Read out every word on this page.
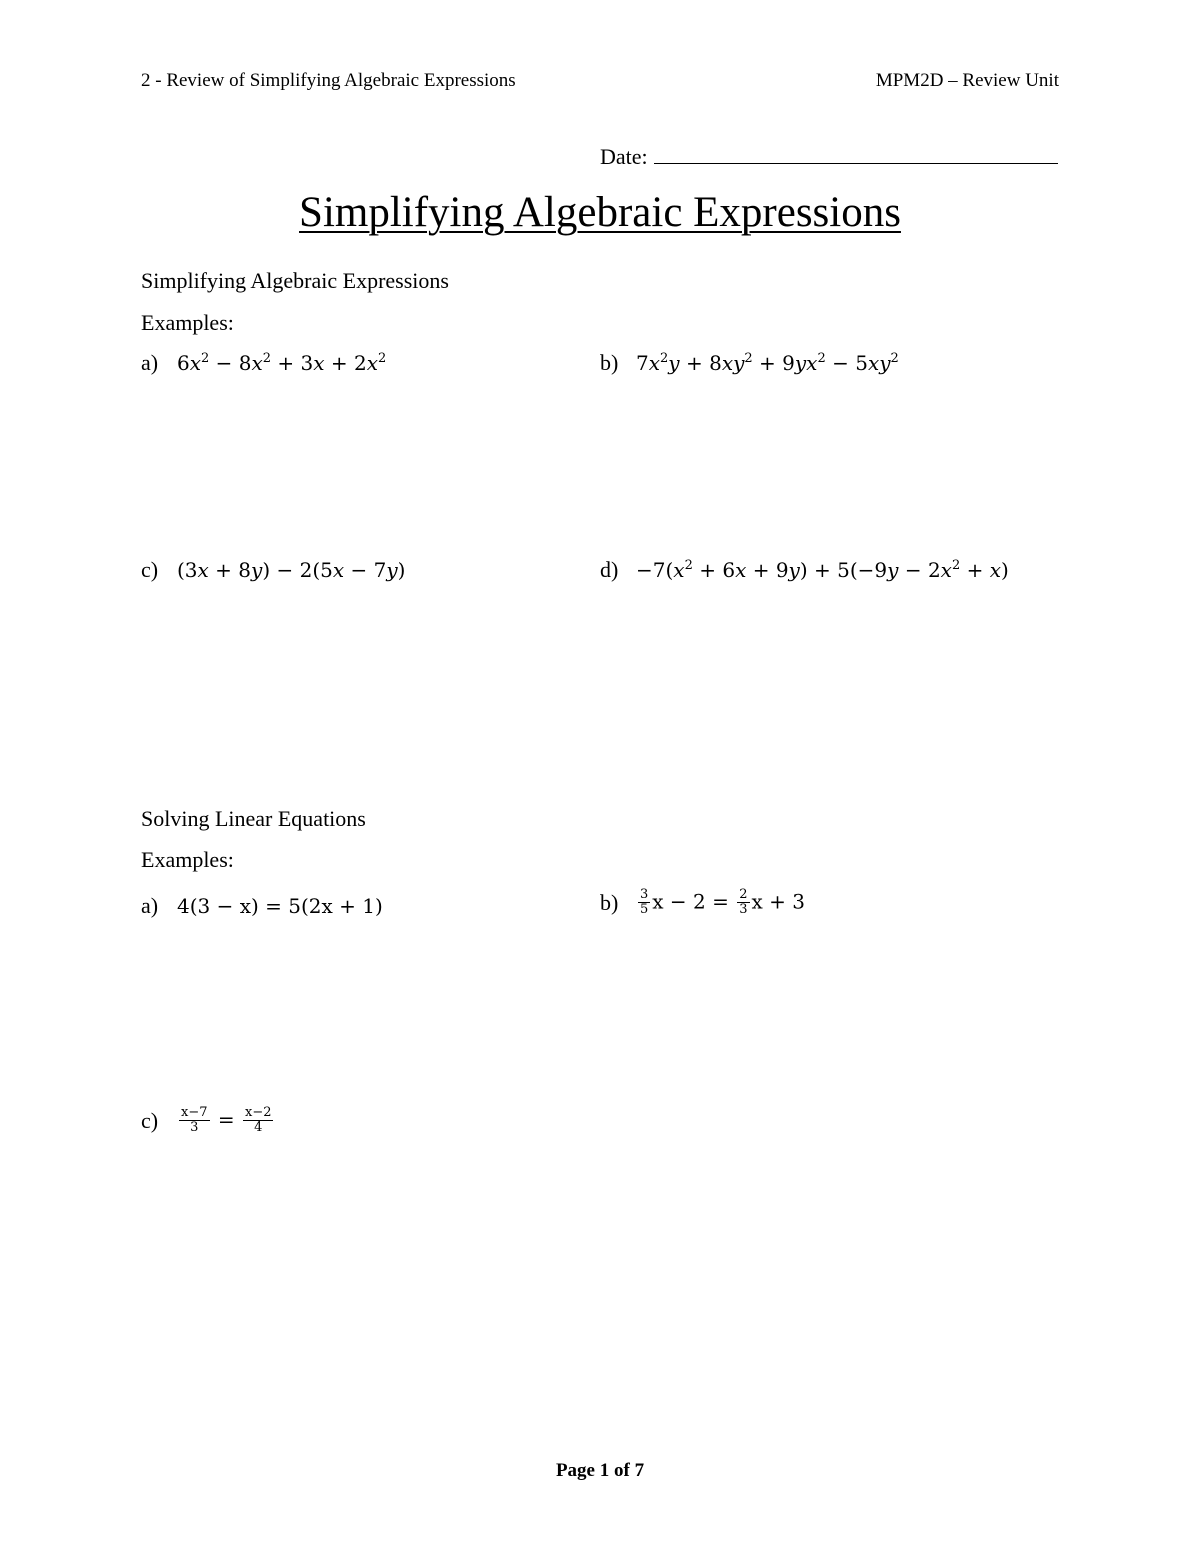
2 - Review of Simplifying Algebraic Expressions	MPM2D – Review Unit
Date:
Simplifying Algebraic Expressions
Simplifying Algebraic Expressions
Examples:
a) $6x^2 - 8x^2 + 3x + 2x^2$	b) $7x^2y + 8xy^2 + 9yx^2 - 5xy^2$
c) (3x + 8y) − 2(5x − 7y)	$d) -7(x^2 + 6x + 9y) + 5(-9y - 2x^2 + x)$
Solving Linear Equations
Examples:
a) 4(3 − x) = 5(2x + 1)	b)	$\frac{3}{5}$ $x - 2 = \frac{2}{3}$ x + 3
c)	$\frac{x-7}{3} = \frac{x-2}{4}$
Page 1 of 7
